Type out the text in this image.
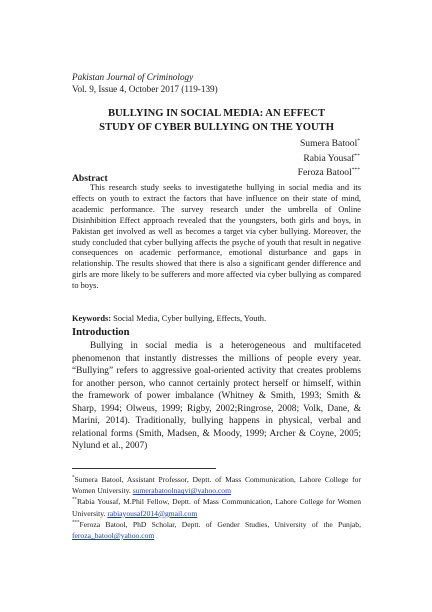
Pakistan Journal of Criminology
Vol. 9, Issue 4, October 2017 (119-139)
BULLYING IN SOCIAL MEDIA: AN EFFECT STUDY OF CYBER BULLYING ON THE YOUTH
Sumera Batool*
Rabia Yousaf**
Feroza Batool***
Abstract
This research study seeks to investigatethe bullying in social media and its effects on youth to extract the factors that have influence on their state of mind, academic performance. The survey research under the umbrella of Online Disinhibition Effect approach revealed that the youngsters, both girls and boys, in Pakistan get involved as well as becomes a target via cyber bullying. Moreover, the study concluded that cyber bullying affects the psyche of youth that result in negative consequences on academic performance, emotional disturbance and gaps in relationship. The results showed that there is also a significant gender difference and girls are more likely to be sufferers and more affected via cyber bullying as compared to boys.
Keywords: Social Media, Cyber bullying, Effects, Youth.
Introduction
Bullying in social media is a heterogeneous and multifaceted phenomenon that instantly distresses the millions of people every year. “Bullying” refers to aggressive goal-oriented activity that creates problems for another person, who cannot certainly protect herself or himself, within the framework of power imbalance (Whitney & Smith, 1993; Smith & Sharp, 1994; Olweus, 1999; Rigby, 2002;Ringrose, 2008; Volk, Dane, & Marini, 2014). Traditionally, bullying happens in physical, verbal and relational forms (Smith, Madsen, & Moody, 1999; Archer & Coyne, 2005; Nylund et al., 2007)

*Sumera Batool, Assistant Professor, Deptt. of Mass Communication, Lahore College for Women University. sumerabatoolnaqvi@yahoo.com

**Rabia Yousaf, M.Phil Fellow, Deptt. of Mass Communication, Lahore College for Women University. rabiayousaf2014@gmail.com

***Feroza Batool, PhD Scholar, Deptt. of Gender Studies, University of the Punjab, feroza_batool@yahoo.com
